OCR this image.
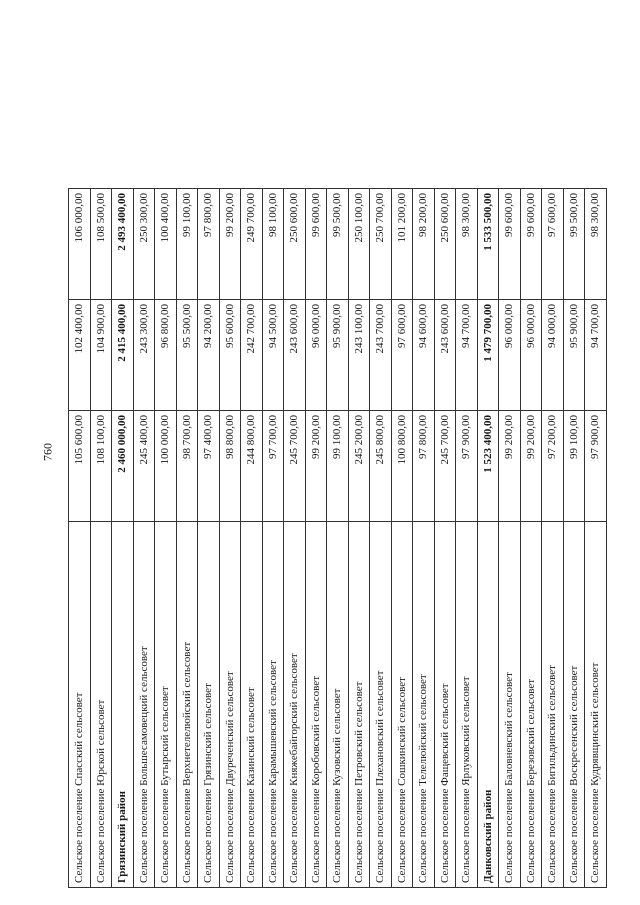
760
Сельское поселение Спасский сельсовет	105 600,00	102 400,00	106 000,00
Сельское поселение Юрской сельсовет	108 100,00	104 900,00	108 500,00
Грязинский район	2 460 000,00	2 415 400,00	2 493 400,00
Сельское поселение Большесамовецкий сельсовет	245 400,00	243 300,00	250 300,00
Сельское поселение Бутырский сельсовет	100 000,00	96 800,00	100 400,00
Сельское поселение Верхнетелелюйский сельсовет	98 700,00	95 500,00	99 100,00
Сельское поселение Грязинский сельсовет	97 400,00	94 200,00	97 800,00
Сельское поселение Двуреченский сельсовет	98 800,00	95 600,00	99 200,00
Сельское поселение Казинский сельсовет	244 800,00	242 700,00	249 700,00
Сельское поселение Карамышевский сельсовет	97 700,00	94 500,00	98 100,00
Сельское поселение Княжебайгорский сельсовет	245 700,00	243 600,00	250 600,00
Сельское поселение Коробовский сельсовет	99 200,00	96 000,00	99 600,00
Сельское поселение Кузовский сельсовет	99 100,00	95 900,00	99 500,00
Сельское поселение Петровский сельсовет	245 200,00	243 100,00	250 100,00
Сельское поселение Плехановский сельсовет	245 800,00	243 700,00	250 700,00
Сельское поселение Сошкинский сельсовет	100 800,00	97 600,00	101 200,00
Сельское поселение Телелюйский сельсовет	97 800,00	94 600,00	98 200,00
Сельское поселение Фащевский сельсовет	245 700,00	243 600,00	250 600,00
Сельское поселение Ярлуковский сельсовет	97 900,00	94 700,00	98 300,00
Данковский район	1 523 400,00	1 479 700,00	1 533 500,00
Сельское поселение Баловневский сельсовет	99 200,00	96 000,00	99 600,00
Сельское поселение Березовский сельсовет	99 200,00	96 000,00	99 600,00
Сельское поселение Бигильдинский сельсовет	97 200,00	94 000,00	97 600,00
Сельское поселение Воскресенский сельсовет	99 100,00	95 900,00	99 500,00
Сельское поселение Кудрявщинский сельсовет	97 900,00	94 700,00	98 300,00
